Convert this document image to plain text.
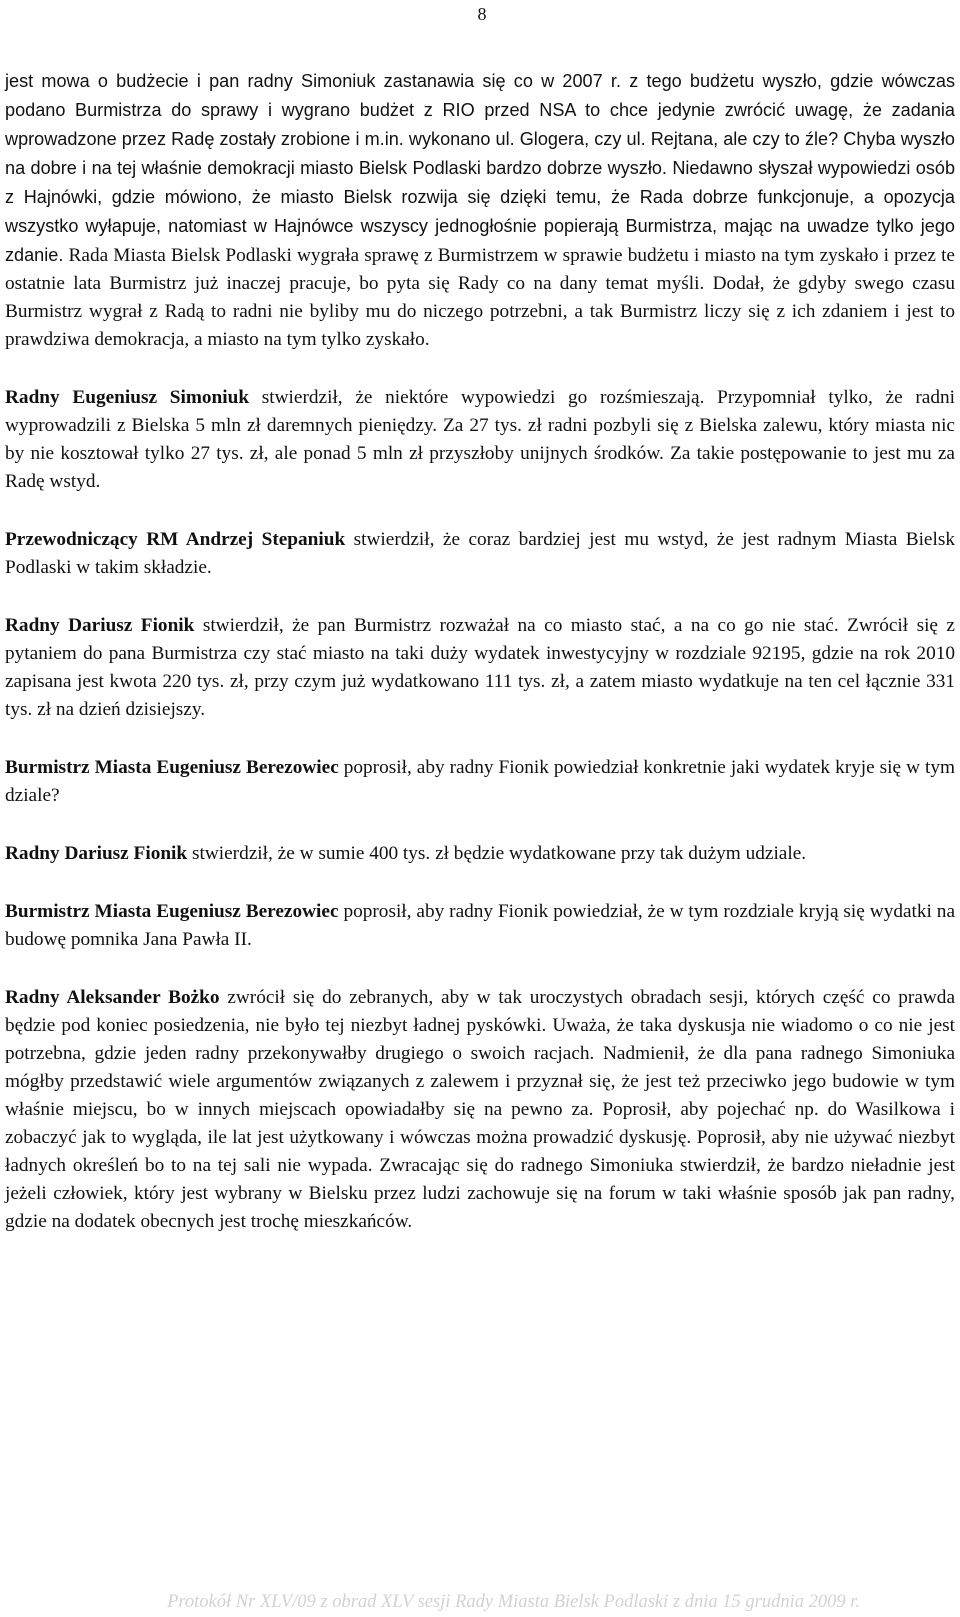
8

jest mowa o budżecie i pan radny Simoniuk zastanawia się co w 2007 r. z tego budżetu wyszło, gdzie wówczas podano Burmistrza do sprawy i wygrano budżet z RIO przed NSA to chce jedynie zwrócić uwagę, że zadania wprowadzone przez Radę zostały zrobione i m.in. wykonano ul. Glogera, czy ul. Rejtana, ale czy to źle? Chyba wyszło na dobre i na tej właśnie demokracji miasto Bielsk Podlaski bardzo dobrze wyszło. Niedawno słyszał wypowiedzi osób z Hajnówki, gdzie mówiono, że miasto Bielsk rozwija się dzięki temu, że Rada dobrze funkcjonuje, a opozycja wszystko wyłapuje, natomiast w Hajnówce wszyscy jednogłośnie popierają Burmistrza, mając na uwadze tylko jego zdanie. Rada Miasta Bielsk Podlaski wygrała sprawę z Burmistrzem w sprawie budżetu i miasto na tym zyskało i przez te ostatnie lata Burmistrz już inaczej pracuje, bo pyta się Rady co na dany temat myśli. Dodał, że gdyby swego czasu Burmistrz wygrał z Radą to radni nie byliby mu do niczego potrzebni, a tak Burmistrz liczy się z ich zdaniem i jest to prawdziwa demokracja, a miasto na tym tylko zyskało.

Radny Eugeniusz Simoniuk stwierdził, że niektóre wypowiedzi go rozśmieszają. Przypomniał tylko, że radni wyprowadzili z Bielska 5 mln zł daremnych pieniędzy. Za 27 tys. zł radni pozbyli się z Bielska zalewu, który miasta nic by nie kosztował tylko 27 tys. zł, ale ponad 5 mln zł przyszłoby unijnych środków. Za takie postępowanie to jest mu za Radę wstyd.

Przewodniczący RM Andrzej Stepaniuk stwierdził, że coraz bardziej jest mu wstyd, że jest radnym Miasta Bielsk Podlaski w takim składzie.

Radny Dariusz Fionik stwierdził, że pan Burmistrz rozważał na co miasto stać, a na co go nie stać. Zwrócił się z pytaniem do pana Burmistrza czy stać miasto na taki duży wydatek inwestycyjny w rozdziale 92195, gdzie na rok 2010 zapisana jest kwota 220 tys. zł, przy czym już wydatkowano 111 tys. zł, a zatem miasto wydatkuje na ten cel łącznie 331 tys. zł na dzień dzisiejszy.

Burmistrz Miasta Eugeniusz Berezowiec poprosił, aby radny Fionik powiedział konkretnie jaki wydatek kryje się w tym dziale?

Radny Dariusz Fionik stwierdził, że w sumie 400 tys. zł będzie wydatkowane przy tak dużym udziale.

Burmistrz Miasta Eugeniusz Berezowiec poprosił, aby radny Fionik powiedział, że w tym rozdziale kryją się wydatki na budowę pomnika Jana Pawła II.

Radny Aleksander Bożko zwrócił się do zebranych, aby w tak uroczystych obradach sesji, których część co prawda będzie pod koniec posiedzenia, nie było tej niezbyt ładnej pyskówki. Uważa, że taka dyskusja nie wiadomo o co nie jest potrzebna, gdzie jeden radny przekonywałby drugiego o swoich racjach. Nadmienił, że dla pana radnego Simoniuka mógłby przedstawić wiele argumentów związanych z zalewem i przyznał się, że jest też przeciwko jego budowie w tym właśnie miejscu, bo w innych miejscach opowiadałby się na pewno za. Poprosił, aby pojechać np. do Wasilkowa i zobaczyć jak to wygląda, ile lat jest użytkowany i wówczas można prowadzić dyskusję. Poprosił, aby nie używać niezbyt ładnych określeń bo to na tej sali nie wypada. Zwracając się do radnego Simoniuka stwierdził, że bardzo nieładnie jest jeżeli człowiek, który jest wybrany w Bielsku przez ludzi zachowuje się na forum w taki właśnie sposób jak pan radny, gdzie na dodatek obecnych jest trochę mieszkańców.

Protokół Nr XLV/09 z obrad XLV sesji Rady Miasta Bielsk Podlaski z dnia 15 grudnia 2009 r.
